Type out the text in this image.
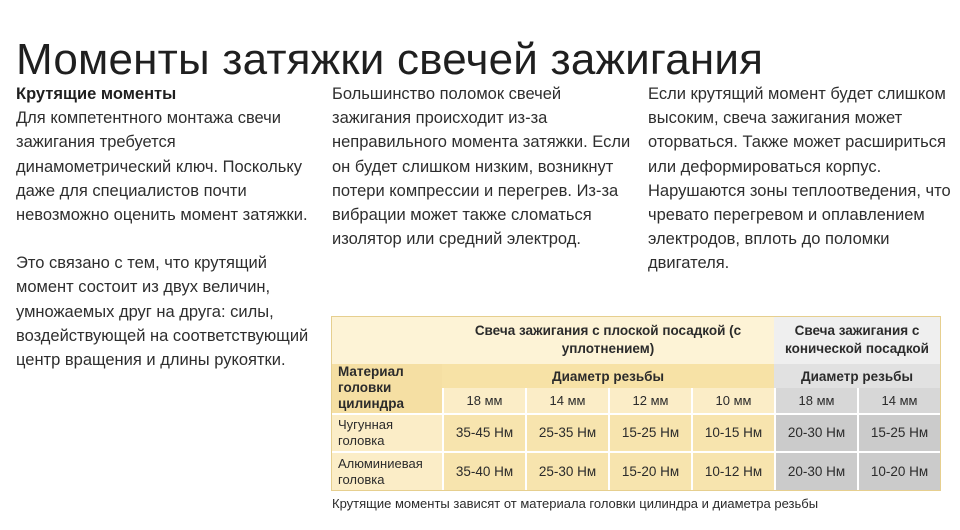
Моменты затяжки свечей зажигания

Крутящие моменты

Для компетентного монтажа свечи зажигания требуется динамометрический ключ. Поскольку даже для специалистов почти невозможно оценить момент затяжки.

Это связано с тем, что крутящий момент состоит из двух величин, умножаемых друг на друга: силы, воздействующей на соответствующий центр вращения и длины рукоятки.

Большинство поломок свечей зажигания происходит из-за неправильного момента затяжки. Если он будет слишком низким, возникнут потери компрессии и перегрев. Из-за вибрации может также сломаться изолятор или средний электрод.

Если крутящий момент будет слишком высоким, свеча зажигания может оторваться. Также может расшириться или деформироваться корпус. Нарушаются зоны теплоотведения, что чревато перегревом и оплавлением электродов, вплоть до поломки двигателя.

	Свеча зажигания с плоской посадкой (с уплотнением)				Свеча зажигания с конической посадкой	
Материал головки цилиндра	Диаметр резьбы				Диаметр резьбы	
	18 мм	14 мм	12 мм	10 мм	18 мм	14 мм
Чугунная головка	35-45 Нм	25-35 Нм	15-25 Нм	10-15 Нм	20-30 Нм	15-25 Нм
Алюминиевая головка	35-40 Нм	25-30 Нм	15-20 Нм	10-12 Нм	20-30 Нм	10-20 Нм
Крутящие моменты зависят от материала головки цилиндра и диаметра резьбы
